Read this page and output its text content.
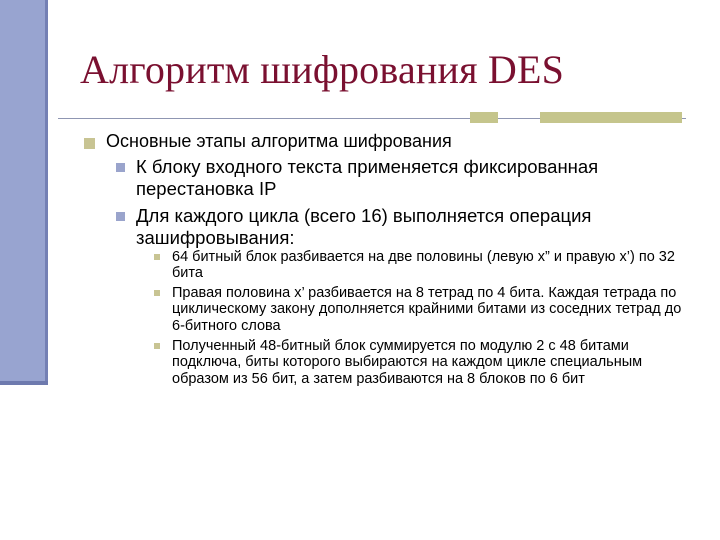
Алгоритм шифрования DES
Основные этапы алгоритма шифрования
К блоку входного текста применяется фиксированная перестановка IP
Для каждого цикла (всего 16) выполняется операция зашифровывания:
64 битный блок разбивается на две половины (левую x” и правую x’) по 32 бита
Правая половина x’ разбивается на 8 тетрад по 4 бита. Каждая тетрада по циклическому закону дополняется крайними битами из соседних тетрад до 6-битного слова
Полученный 48-битный блок суммируется по модулю 2 с 48 битами подключа, биты которого выбираются на каждом цикле специальным образом из 56 бит, а затем разбиваются на 8 блоков по 6 бит
